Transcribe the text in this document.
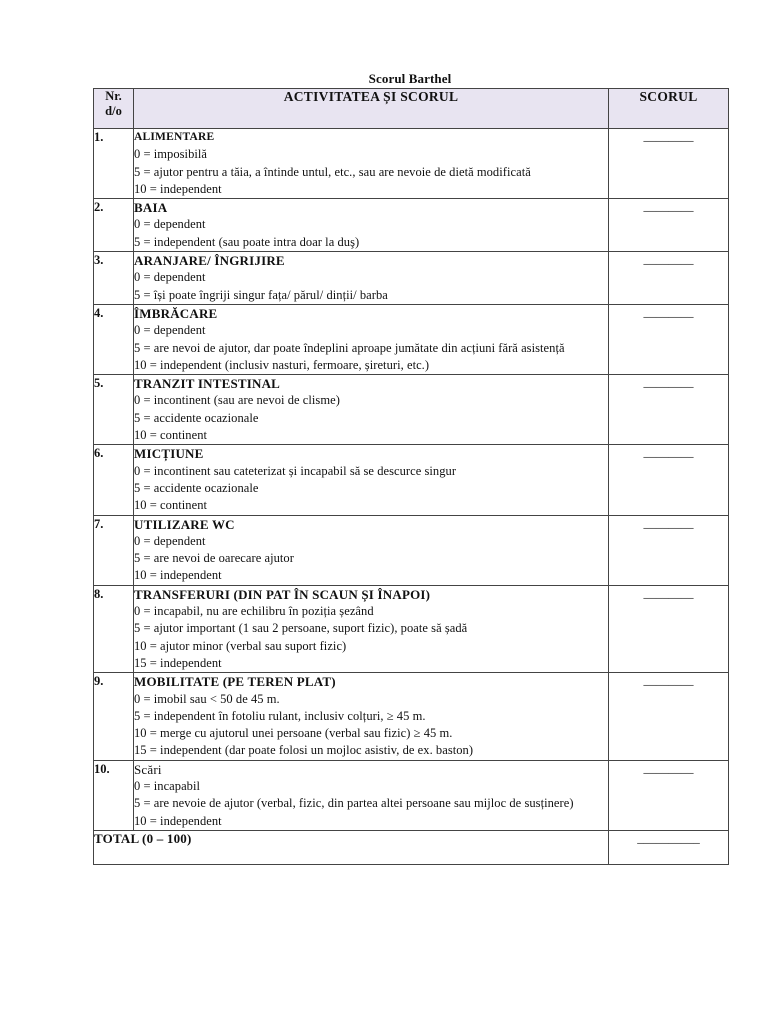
Scorul Barthel
Nr.
d/o	ACTIVITATEA ȘI SCORUL	SCORUL
1.	ALIMENTARE
0 = imposibilă
5 = ajutor pentru a tăia, a întinde untul, etc., sau are nevoie de dietă modificată
10 = independent	________
2.	BAIA
0 = dependent
5 = independent (sau poate intra doar la duş)	________
3.	ARANJARE/ ÎNGRIJIRE
0 = dependent
5 = își poate îngriji singur fața/ părul/ dinții/ barba	________
4.	ÎMBRĂCARE
0 = dependent
5 = are nevoi de ajutor, dar poate îndeplini aproape jumătate din acțiuni fără asistență
10 = independent (inclusiv nasturi, fermoare, șireturi, etc.)	________
5.	TRANZIT INTESTINAL
0 = incontinent (sau are nevoi de clisme)
5 = accidente ocazionale
10 = continent	________
6.	MICȚIUNE
0 = incontinent sau cateterizat și incapabil să se descurce singur
5 = accidente ocazionale
10 = continent	________
7.	UTILIZARE WC
0 = dependent
5 = are nevoi de oarecare ajutor
10 = independent	________
8.	TRANSFERURI (DIN PAT ÎN SCAUN ȘI ÎNAPOI)
0 = incapabil, nu are echilibru în poziția șezând
5 = ajutor important (1 sau 2 persoane, suport fizic), poate să șadă
10 = ajutor minor (verbal sau suport fizic)
15 = independent	________
9.	MOBILITATE (PE TEREN PLAT)
0 = imobil sau < 50 de 45 m.
5 = independent în fotoliu rulant, inclusiv colțuri, ≥ 45 m.
10 = merge cu ajutorul unei persoane (verbal sau fizic) ≥ 45 m.
15 = independent (dar poate folosi un mojloc asistiv, de ex. baston)	________
10.	Scări
0 = incapabil
5 = are nevoie de ajutor (verbal, fizic, din partea altei persoane sau mijloc de susținere)
10 = independent	________
TOTAL (0 – 100)		__________
